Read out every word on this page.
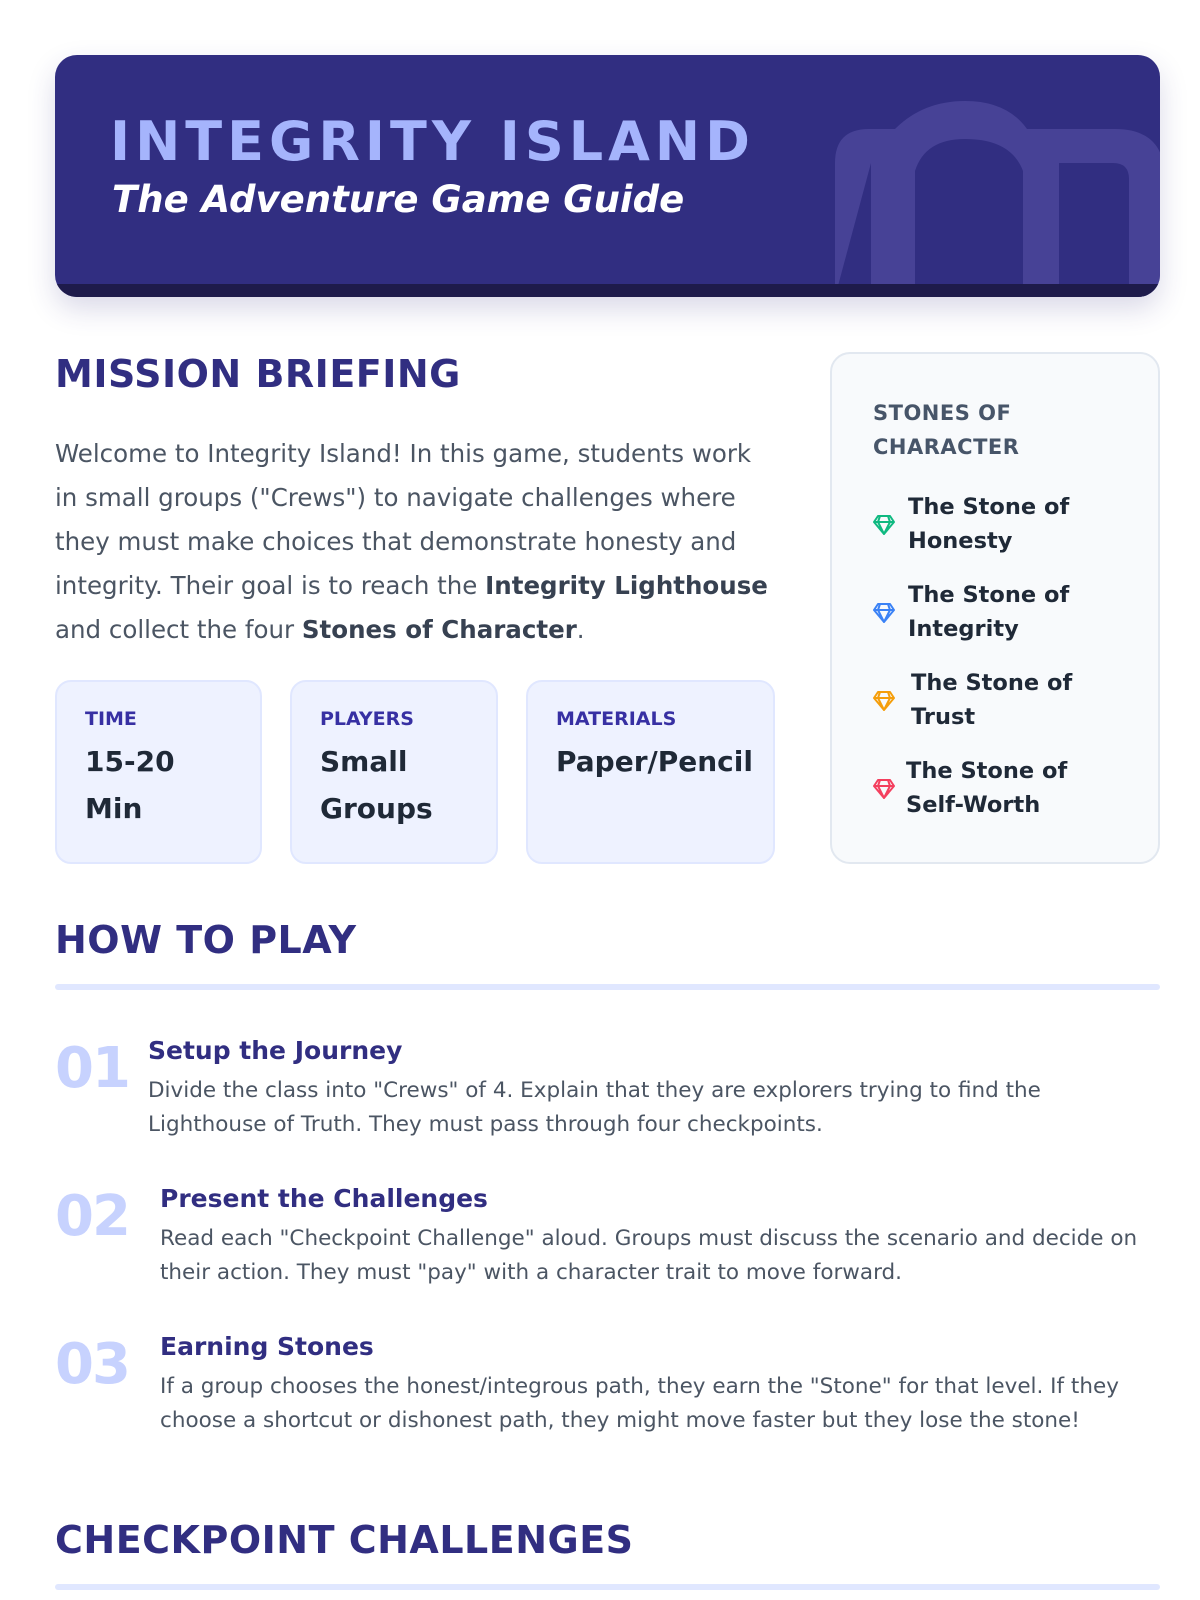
INTEGRITY ISLAND
The Adventure Game Guide
MISSION BRIEFING

Welcome to Integrity Island! In this game, students work in small groups ("Crews") to navigate challenges where they must make choices that demonstrate honesty and integrity. Their goal is to reach the Integrity Lighthouse and collect the four Stones of Character.

TIME
15-20 Min
PLAYERS
Small Groups
MATERIALS
Paper/Pencil
STONES OF CHARACTER
The Stone of Honesty
The Stone of Integrity
The Stone of Trust
The Stone of Self-Worth
HOW TO PLAY
01 Setup the Journey
Divide the class into "Crews" of 4. Explain that they are explorers trying to find the Lighthouse of Truth. They must pass through four checkpoints.
02 Present the Challenges
Read each "Checkpoint Challenge" aloud. Groups must discuss the scenario and decide on their action. They must "pay" with a character trait to move forward.
03 Earning Stones
If a group chooses the honest/integrous path, they earn the "Stone" for that level. If they choose a shortcut or dishonest path, they might move faster but they lose the stone!
CHECKPOINT CHALLENGES
